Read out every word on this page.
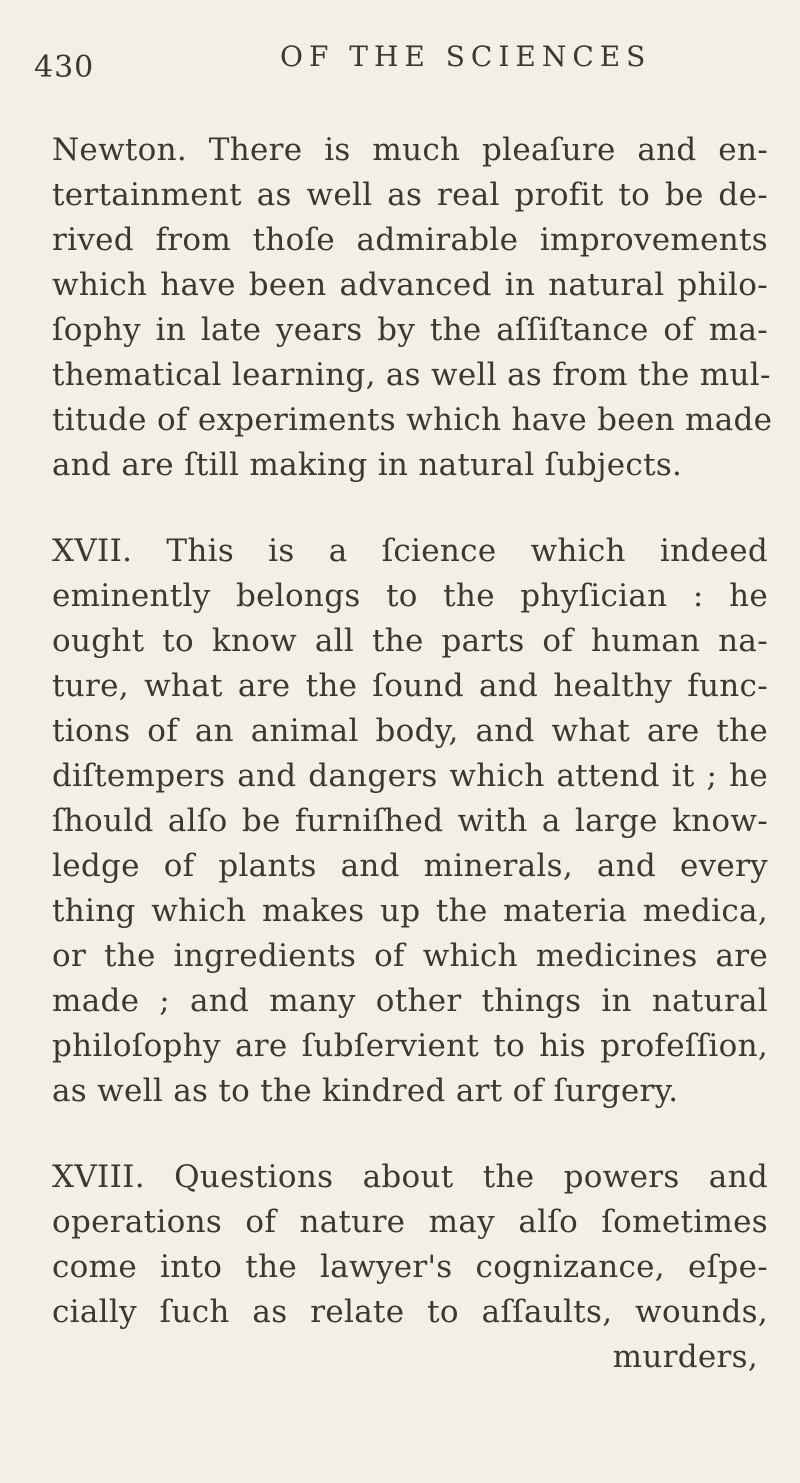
430	OF THE SCIENCES
Newton. There is much pleaſure and en-
tertainment as well as real profit to be de-
rived from thoſe admirable improvements
which have been advanced in natural philo-
ſophy in late years by the aſſiſtance of ma-
thematical learning, as well as from the mul-
titude of experiments which have been made
and are ſtill making in natural ſubjects.
XVII. This is a ſcience which indeed
eminently belongs to the phyſician : he
ought to know all the parts of human na-
ture, what are the ſound and healthy func-
tions of an animal body, and what are the
diſtempers and dangers which attend it ; he
ſhould alſo be furniſhed with a large know-
ledge of plants and minerals, and every
thing which makes up the materia medica,
or the ingredients of which medicines are
made ; and many other things in natural
philoſophy are ſubſervient to his profeſſion,
as well as to the kindred art of ſurgery.
XVIII. Questions about the powers and
operations of nature may alſo ſometimes
come into the lawyer's cognizance, eſpe-
cially ſuch as relate to aſſaults, wounds,
murders,
